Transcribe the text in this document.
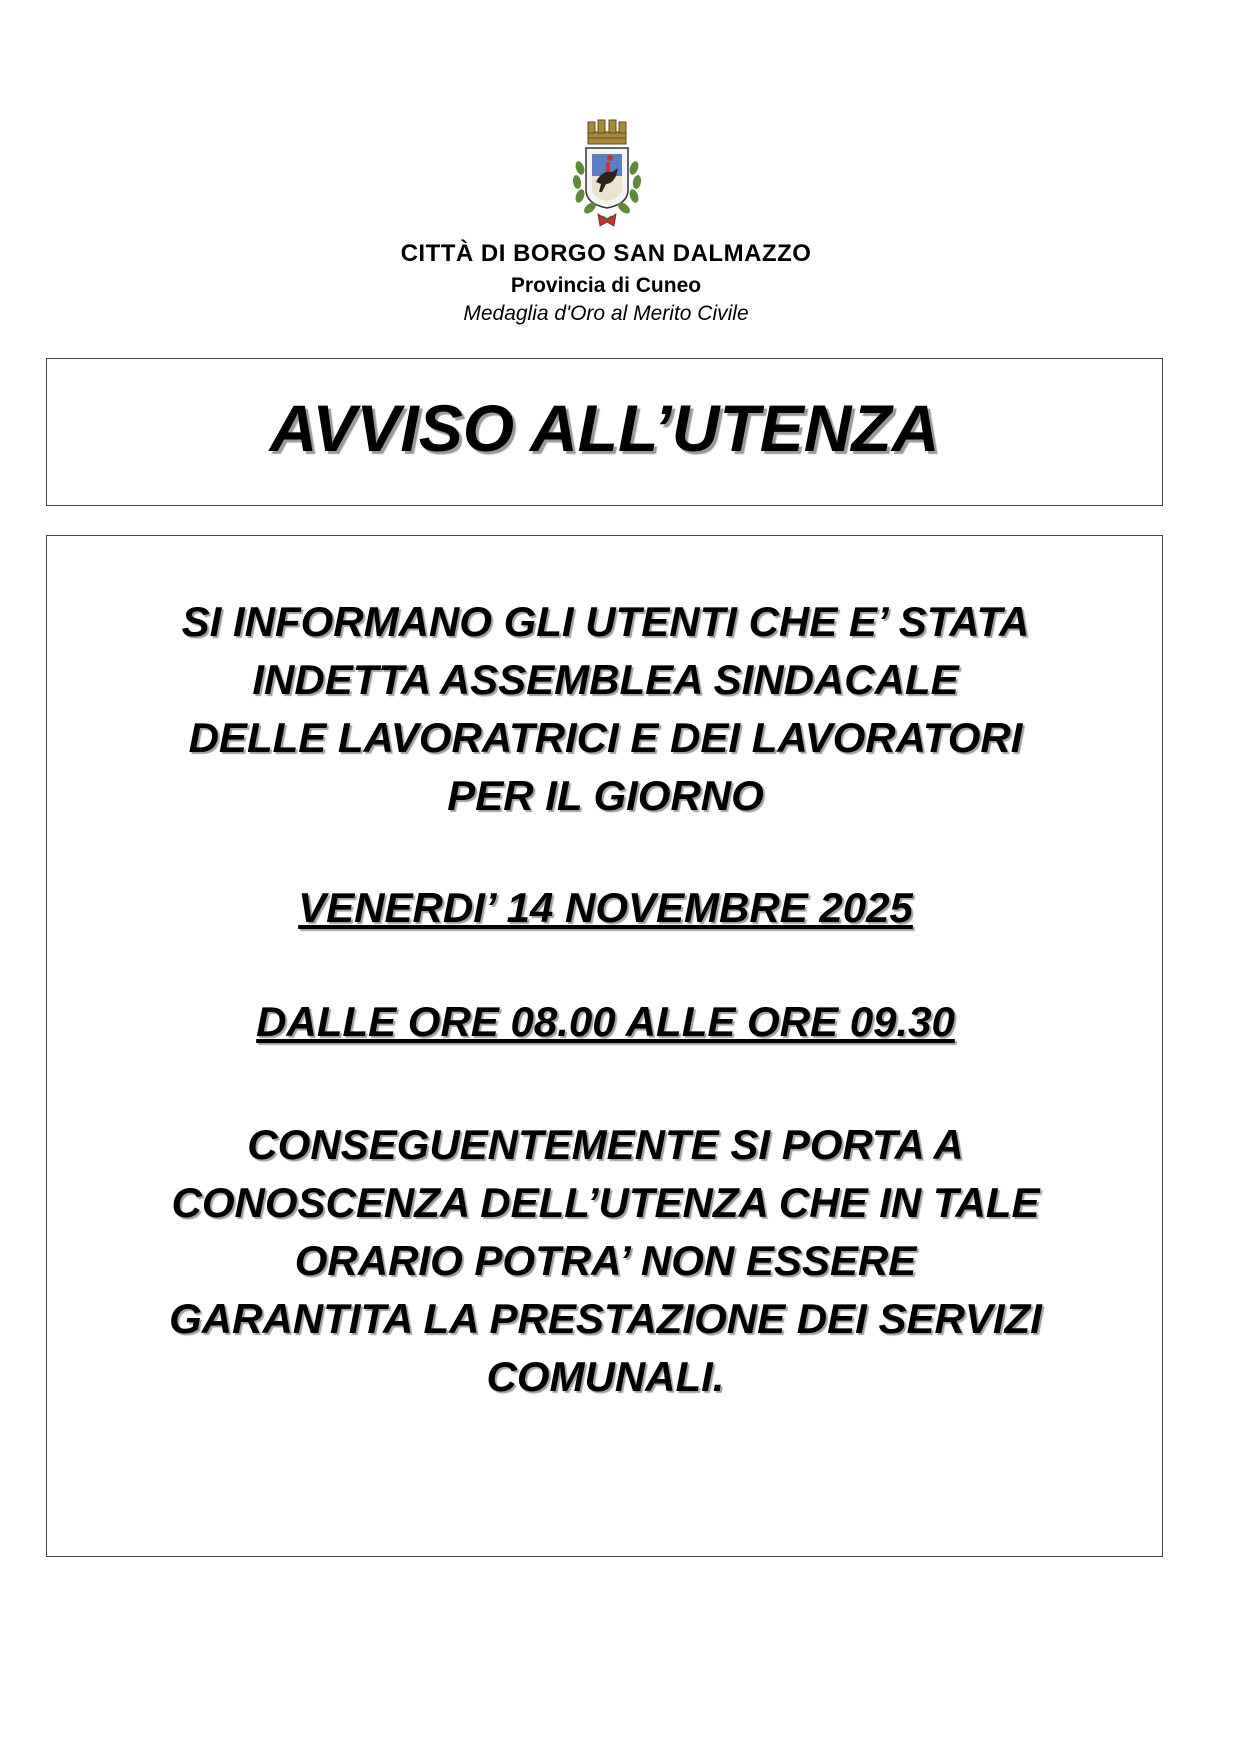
CITTÀ DI BORGO SAN DALMAZZO
Provincia di Cuneo
Medaglia d'Oro al Merito Civile
AVVISO ALL’UTENZA

SI INFORMANO GLI UTENTI CHE E’ STATA
INDETTA ASSEMBLEA SINDACALE
DELLE LAVORATRICI E DEI LAVORATORI
PER IL GIORNO

VENERDI’ 14 NOVEMBRE 2025

DALLE ORE 08.00 ALLE ORE 09.30

CONSEGUENTEMENTE SI PORTA A
CONOSCENZA DELL’UTENZA CHE IN TALE
ORARIO POTRA’ NON ESSERE
GARANTITA LA PRESTAZIONE DEI SERVIZI
COMUNALI.
